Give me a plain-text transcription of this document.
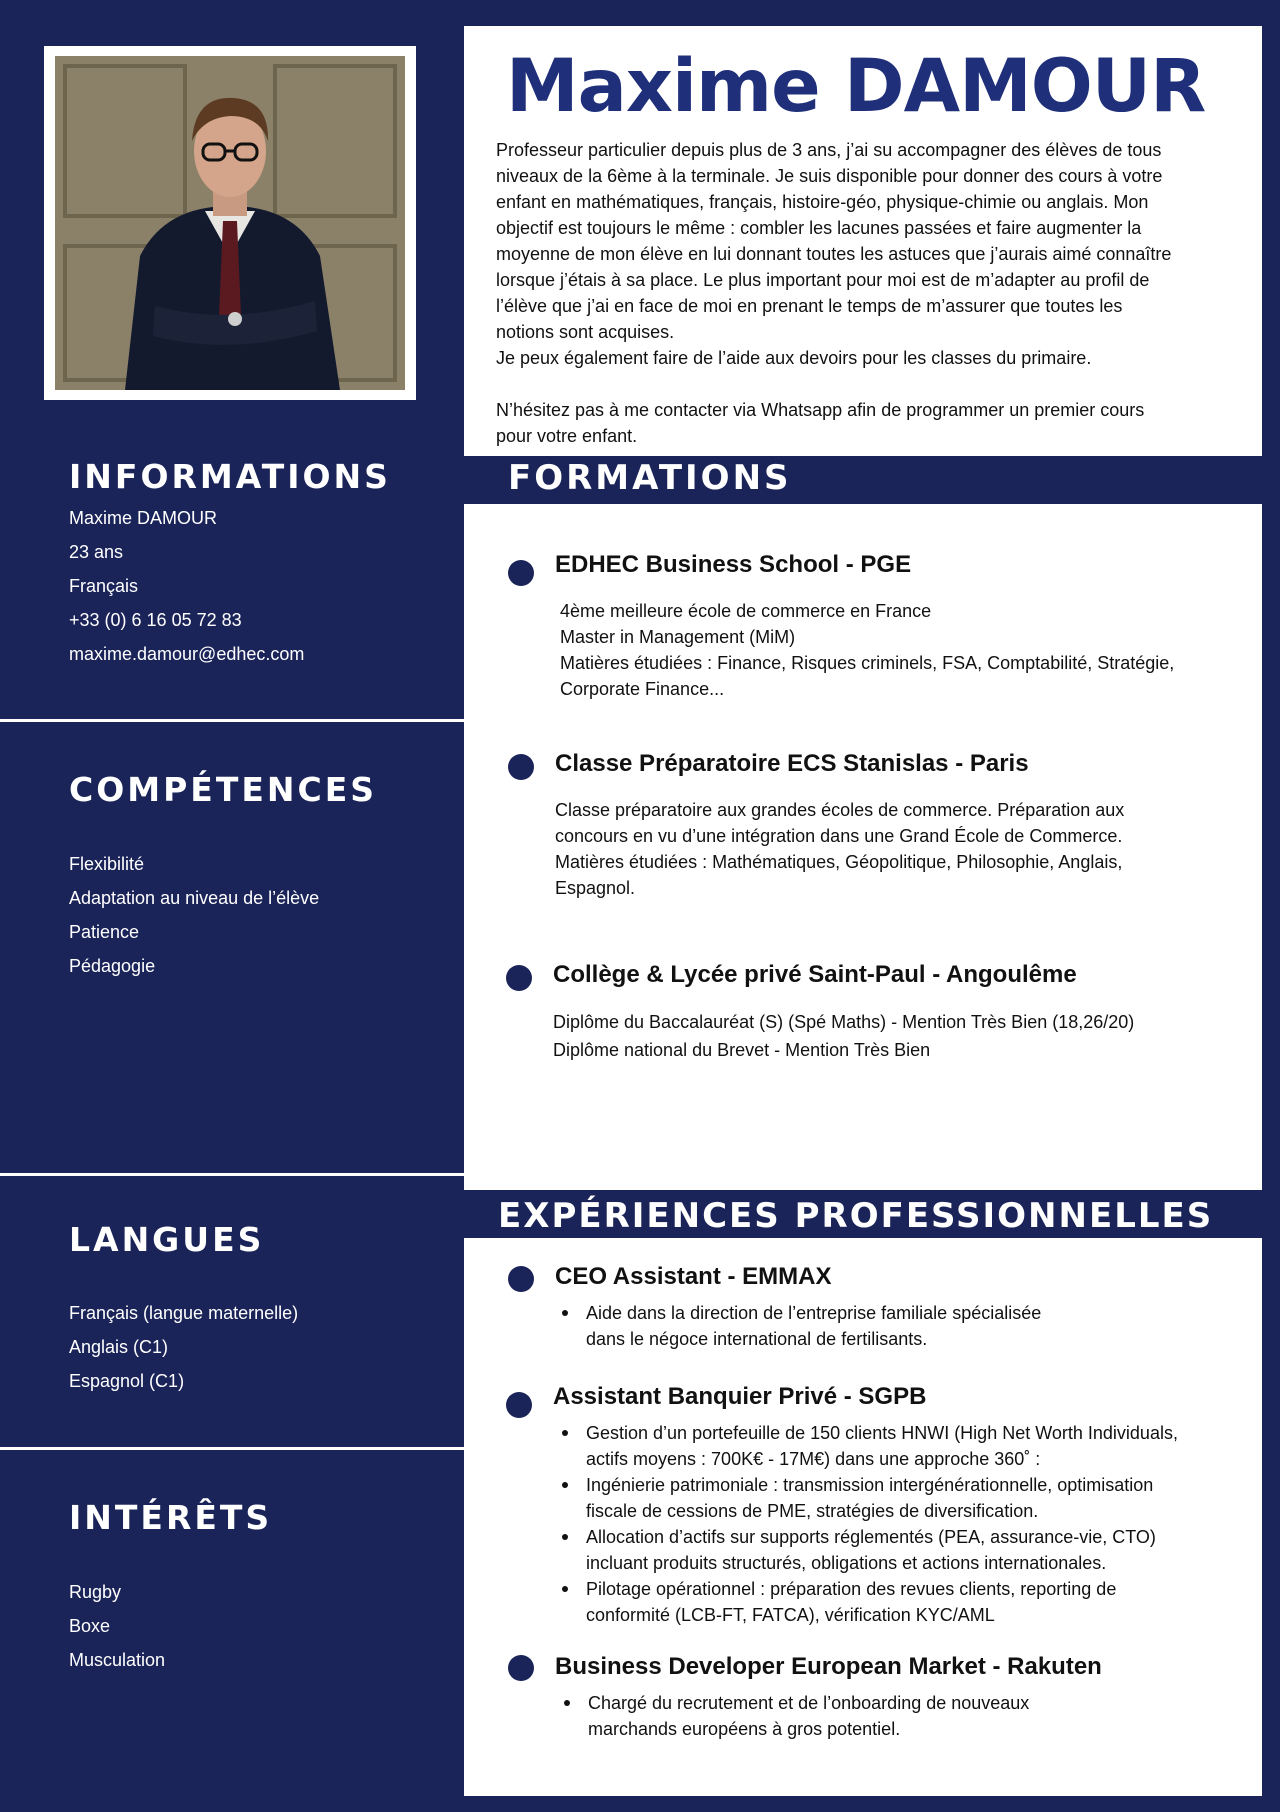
Maxime DAMOUR

Professeur particulier depuis plus de 3 ans, j’ai su accompagner des élèves de tous
niveaux de la 6ème à la terminale. Je suis disponible pour donner des cours à votre
enfant en mathématiques, français, histoire-géo, physique-chimie ou anglais. Mon
objectif est toujours le même : combler les lacunes passées et faire augmenter la
moyenne de mon élève en lui donnant toutes les astuces que j’aurais aimé connaître
lorsque j’étais à sa place. Le plus important pour moi est de m’adapter au profil de
l’élève que j’ai en face de moi en prenant le temps de m’assurer que toutes les
notions sont acquises.
Je peux également faire de l’aide aux devoirs pour les classes du primaire.

N’hésitez pas à me contacter via Whatsapp afin de programmer un premier cours
pour votre enfant.

INFORMATIONS
Maxime DAMOUR
23 ans
Français
+33 (0) 6 16 05 72 83
maxime.damour@edhec.com
COMPÉTENCES
Flexibilité
Adaptation au niveau de l’élève
Patience
Pédagogie
LANGUES
Français (langue maternelle)
Anglais (C1)
Espagnol (C1)
INTÉRÊTS
Rugby
Boxe
Musculation
FORMATIONS

EDHEC Business School - PGE

4ème meilleure école de commerce en France
Master in Management (MiM)
Matières étudiées : Finance, Risques criminels, FSA, Comptabilité, Stratégie,
Corporate Finance...

Classe Préparatoire ECS Stanislas - Paris

Classe préparatoire aux grandes écoles de commerce. Préparation aux
concours en vu d’une intégration dans une Grand École de Commerce.
Matières étudiées : Mathématiques, Géopolitique, Philosophie, Anglais,
Espagnol.

Collège & Lycée privé Saint-Paul - Angoulême

Diplôme du Baccalauréat (S) (Spé Maths) - Mention Très Bien (18,26/20)
Diplôme national du Brevet - Mention Très Bien

EXPÉRIENCES PROFESSIONNELLES

CEO Assistant - EMMAX

Aide dans la direction de l’entreprise familiale spécialisée
dans le négoce international de fertilisants.

Assistant Banquier Privé - SGPB

Gestion d’un portefeuille de 150 clients HNWI (High Net Worth Individuals,
actifs moyens : 700K€ - 17M€) dans une approche 360˚ :
Ingénierie patrimoniale : transmission intergénérationnelle, optimisation
fiscale de cessions de PME, stratégies de diversification.
Allocation d’actifs sur supports réglementés (PEA, assurance-vie, CTO)
incluant produits structurés, obligations et actions internationales.
Pilotage opérationnel : préparation des revues clients, reporting de
conformité (LCB-FT, FATCA), vérification KYC/AML

Business Developer European Market - Rakuten

Chargé du recrutement et de l’onboarding de nouveaux
marchands européens à gros potentiel.
